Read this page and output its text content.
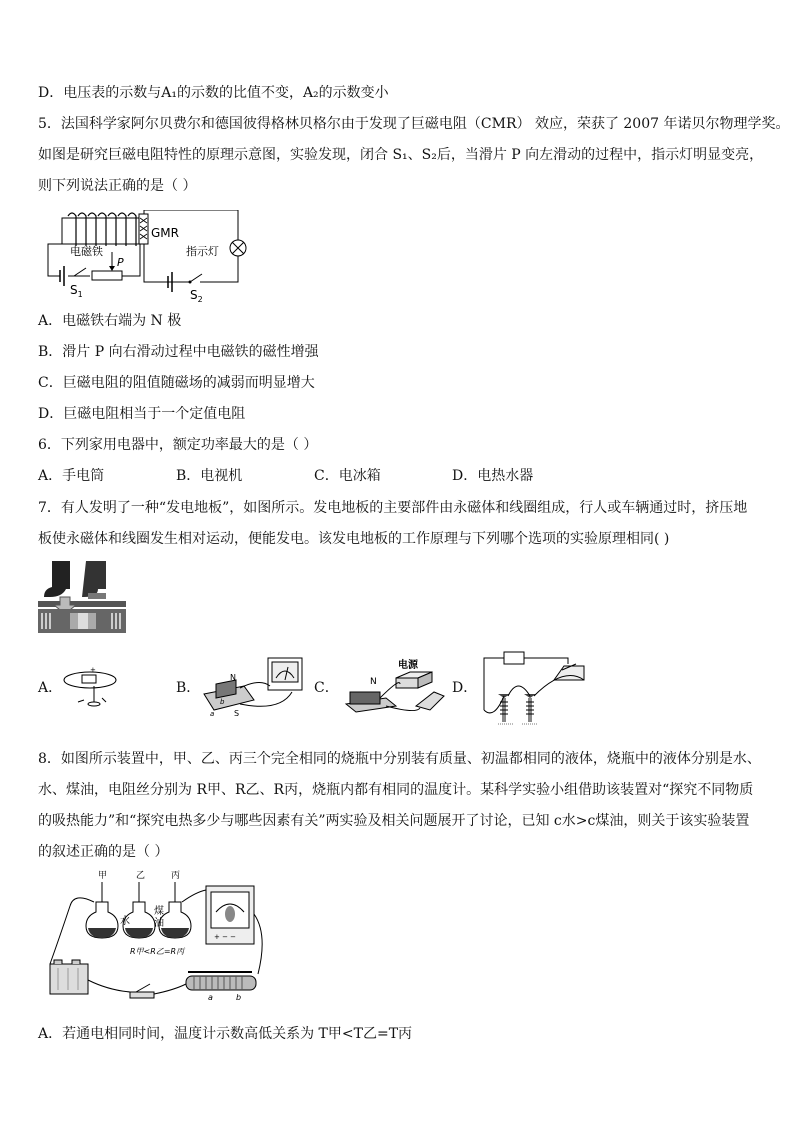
D．电压表的示数与A₁的示数的比值不变，A₂的示数变小
5．法国科学家阿尔贝费尔和德国彼得格林贝格尔由于发现了巨磁电阻（CMR） 效应，荣获了 2007 年诺贝尔物理学奖。
如图是研究巨磁电阻特性的原理示意图，实验发现，闭合 S₁、S₂后，当滑片 P 向左滑动的过程中，指示灯明显变亮，
则下列说法正确的是（ ）
GMR
电磁铁	指示灯
$S_2$
$S_1$
P
A．电磁铁右端为 N 极
B．滑片 P 向右滑动过程中电磁铁的磁性增强
C．巨磁电阻的阻值随磁场的减弱而明显增大
D．巨磁电阻相当于一个定值电阻
6．下列家用电器中，额定功率最大的是（ ）
A．手电筒	B．电视机	C．电冰箱	D．电热水器
7．有人发明了一种“发电地板”，如图所示。发电地板的主要部件由永磁体和线圈组成，行人或车辆通过时，挤压地
板使永磁体和线圈发生相对运动，便能发电。该发电地板的工作原理与下列哪个选项的实验原理相同( )
A．
+
B．
N
S
a
b
C．
电源
N	D．
8．如图所示装置中，甲、乙、丙三个完全相同的烧瓶中分别装有质量、初温都相同的液体，烧瓶中的液体分别是水、
水、煤油，电阻丝分别为 R甲、R乙、R丙，烧瓶内都有相同的温度计。某科学实验小组借助该装置对“探究不同物质
的吸热能力”和“探究电热多少与哪些因素有关”两实验及相关问题展开了讨论，已知 c水>c煤油，则关于该实验装置
的叙述正确的是（ ）
甲	乙	丙
水
煤
油
R甲<R乙=R丙
+ − −
a	b
A．若通电相同时间，温度计示数高低关系为 T甲<T乙=T丙
